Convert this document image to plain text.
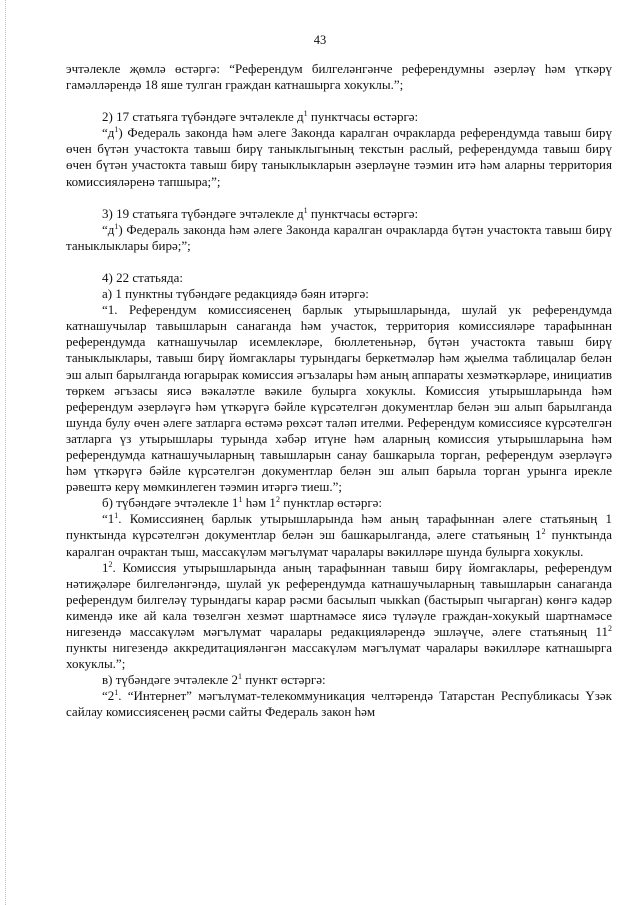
43

эчтәлекле җөмлә өстәргә: “Референдум билгеләнгәнче референдумны әзерләү һәм үткәрү гамәлләрендә 18 яше тулган граждан катнашырга хокуклы.”;

2) 17 статьяга түбәндәге эчтәлекле $д^1$ пунктчасы өстәргә:

“$д^1$) Федераль законда һәм әлеге Законда каралган очракларда референдумда тавыш бирү өчен бүтән участокта тавыш бирү таныклыгының текстын раслый, референдумда тавыш бирү өчен бүтән участокта тавыш бирү таныклыкларын әзерләүне тәэмин итә һәм аларны территория комиссияләренә тапшыра;”;

3) 19 статьяга түбәндәге эчтәлекле $д^1$ пунктчасы өстәргә:

“$д^1$) Федераль законда һәм әлеге Законда каралган очракларда бүтән участокта тавыш бирү таныклыклары бирә;”;

4) 22 статьяда:

а) 1 пунктны түбәндәге редакциядә бәян итәргә:

“1. Референдум комиссиясенең барлык утырышларында, шулай ук референдумда катнашучылар тавышларын санаганда һәм участок, территория комиссияләре тарафыннан референдумда катнашучылар исемлекләре, бюллетеньнәр, бүтән участокта тавыш бирү таныклыклары, тавыш бирү йомгаклары турындагы беркетмәләр һәм җыелма таблицалар белән эш алып барылганда югарырак комиссия әгъзалары һәм аның аппараты хезмәткәрләре, инициатив төркем әгъзасы яисә вәкаләтле вәкиле булырга хокуклы. Комиссия утырышларында һәм референдум әзерләүгә һәм үткәрүгә бәйле күрсәтелгән документлар белән эш алып барылганда шунда булу өчен әлеге затларга өстәмә рөхсәт таләп ителми. Референдум комиссиясе күрсәтелгән затларга үз утырышлары турында хәбәр итүне һәм аларның комиссия утырышларына һәм референдумда катнашучыларның тавышларын санау башкарыла торган, референдум әзерләүгә һәм үткәрүгә бәйле күрсәтелгән документлар белән эш алып барыла торган урынга ирекле рәвештә керү мөмкинлеген тәэмин итәргә тиеш.”;

б) түбәндәге эчтәлекле $1^1$ һәм $1^2$ пунктлар өстәргә:

“$1^1$. Комиссиянең барлык утырышларында һәм аның тарафыннан әлеге статьяның 1 пунктында күрсәтелгән документлар белән эш башкарылганда, әлеге статьяның $1^2$ пунктында каралган очрактан тыш, массакүләм мәгълүмат чаралары вәкилләре шунда булырга хокуклы.

$1^2$. Комиссия утырышларында аның тарафыннан тавыш бирү йомгаклары, референдум нәтиҗәләре билгеләнгәндә, шулай ук референдумда катнашучыларның тавышларын санаганда референдум билгеләү турындагы карар рәсми басылып чыкkan (бастырып чыгарган) көнгә кадәр кимендә ике ай кала төзелгән хезмәт шартнамәсе яисә түләүле граждан-хокукый шартнамәсе нигезендә массакүләм мәгълүмат чаралары редакцияләрендә эшләүче, әлеге статьяның $11^2$ пункты нигезендә аккредитацияләнгән массакүләм мәгълүмат чаралары вәкилләре катнашырга хокуклы.”;

в) түбәндәге эчтәлекле $2^1$ пункт өстәргә:

“$2^1$. “Интернет” мәгълүмат-телекоммуникация челтәрендә Татарстан Республикасы Үзәк сайлау комиссиясенең рәсми сайты Федераль закон һәм
